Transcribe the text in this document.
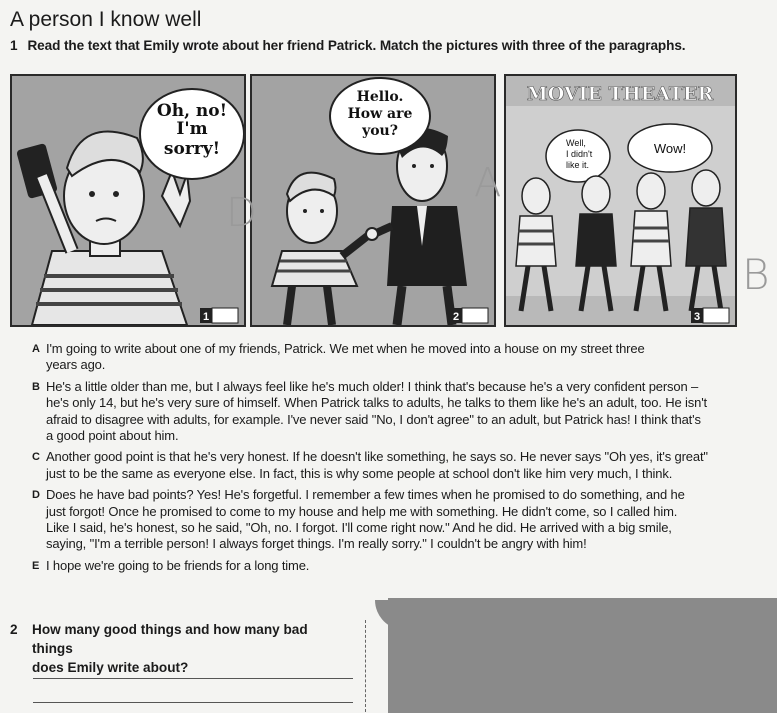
A person I know well
1 Read the text that Emily wrote about her friend Patrick. Match the pictures with three of the paragraphs.
Oh, no!
I'm
sorry!
1
Hello.
How are
you?
2
MOVIE THEATER
Well,
I didn't
like it.
Wow!
3
D
A
B
A I'm going to write about one of my friends, Patrick. We met when he moved into a house on my street three
years ago.
B He's a little older than me, but I always feel like he's much older! I think that's because he's a very confident person –
he's only 14, but he's very sure of himself. When Patrick talks to adults, he talks to them like he's an adult, too. He isn't
afraid to disagree with adults, for example. I've never said "No, I don't agree" to an adult, but Patrick has! I think that's
a good point about him.
C Another good point is that he's very honest. If he doesn't like something, he says so. He never says "Oh yes, it's great"
just to be the same as everyone else. In fact, this is why some people at school don't like him very much, I think.
D Does he have bad points? Yes! He's forgetful. I remember a few times when he promised to do something, and he
just forgot! Once he promised to come to my house and help me with something. He didn't come, so I called him.
Like I said, he's honest, so he said, "Oh, no. I forgot. I'll come right now." And he did. He arrived with a big smile,
saying, "I'm a terrible person! I always forget things. I'm really sorry." I couldn't be angry with him!
E I hope we're going to be friends for a long time.
2 How many good things and how many bad things
does Emily write about?
